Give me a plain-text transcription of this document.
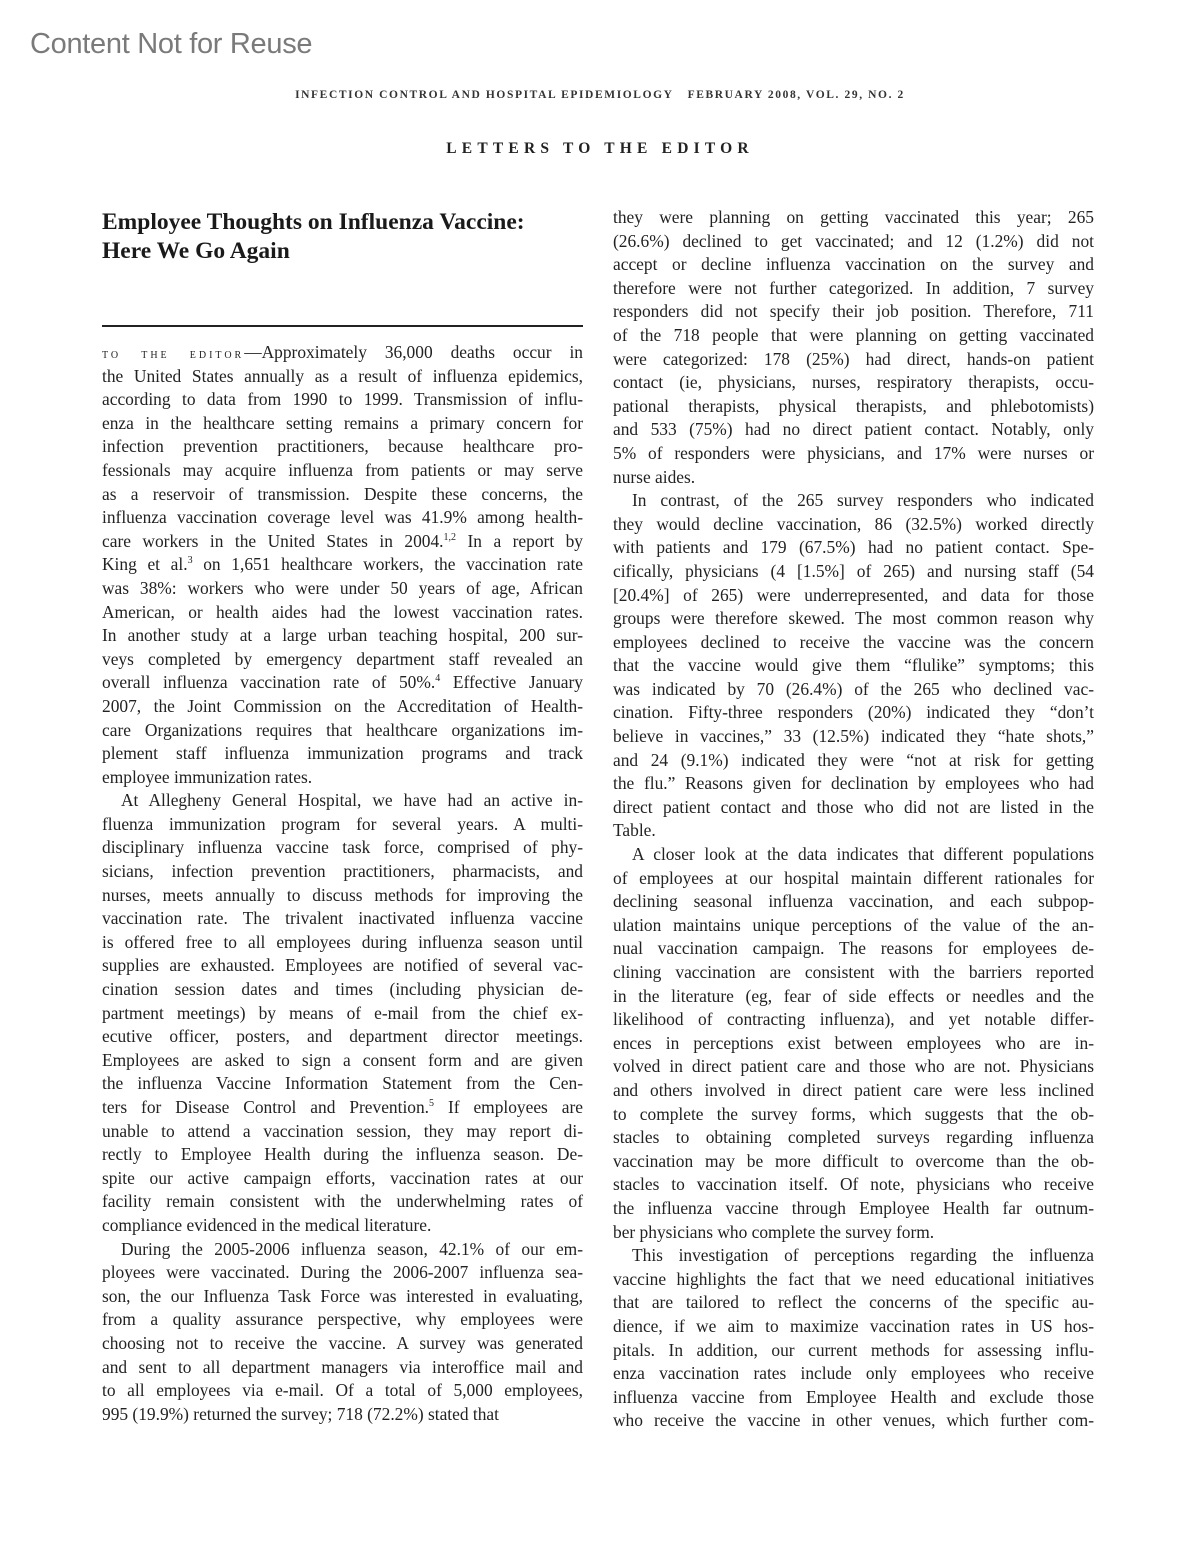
Content Not for Reuse
INFECTION CONTROL AND HOSPITAL EPIDEMIOLOGY FEBRUARY 2008, VOL. 29, NO. 2
LETTERS TO THE EDITOR
Employee Thoughts on Influenza Vaccine:
Here We Go Again
to the editor—Approximately 36,000 deaths occur in
the United States annually as a result of influenza epidemics,
according to data from 1990 to 1999. Transmission of influ-
enza in the healthcare setting remains a primary concern for
infection prevention practitioners, because healthcare pro-
fessionals may acquire influenza from patients or may serve
as a reservoir of transmission. Despite these concerns, the
influenza vaccination coverage level was 41.9% among health-
care workers in the United States in 2004.$^{1,2}$ In a report by
King et al.$^3$ on 1,651 healthcare workers, the vaccination rate
was 38%: workers who were under 50 years of age, African
American, or health aides had the lowest vaccination rates.
In another study at a large urban teaching hospital, 200 sur-
veys completed by emergency department staff revealed an
overall influenza vaccination rate of 50%.$^4$ Effective January
2007, the Joint Commission on the Accreditation of Health-
care Organizations requires that healthcare organizations im-
plement staff influenza immunization programs and track
employee immunization rates.
At Allegheny General Hospital, we have had an active in-
fluenza immunization program for several years. A multi-
disciplinary influenza vaccine task force, comprised of phy-
sicians, infection prevention practitioners, pharmacists, and
nurses, meets annually to discuss methods for improving the
vaccination rate. The trivalent inactivated influenza vaccine
is offered free to all employees during influenza season until
supplies are exhausted. Employees are notified of several vac-
cination session dates and times (including physician de-
partment meetings) by means of e-mail from the chief ex-
ecutive officer, posters, and department director meetings.
Employees are asked to sign a consent form and are given
the influenza Vaccine Information Statement from the Cen-
ters for Disease Control and Prevention.$^5$ If employees are
unable to attend a vaccination session, they may report di-
rectly to Employee Health during the influenza season. De-
spite our active campaign efforts, vaccination rates at our
facility remain consistent with the underwhelming rates of
compliance evidenced in the medical literature.
During the 2005-2006 influenza season, 42.1% of our em-
ployees were vaccinated. During the 2006-2007 influenza sea-
son, the our Influenza Task Force was interested in evaluating,
from a quality assurance perspective, why employees were
choosing not to receive the vaccine. A survey was generated
and sent to all department managers via interoffice mail and
to all employees via e-mail. Of a total of 5,000 employees,
995 (19.9%) returned the survey; 718 (72.2%) stated that
they were planning on getting vaccinated this year; 265
(26.6%) declined to get vaccinated; and 12 (1.2%) did not
accept or decline influenza vaccination on the survey and
therefore were not further categorized. In addition, 7 survey
responders did not specify their job position. Therefore, 711
of the 718 people that were planning on getting vaccinated
were categorized: 178 (25%) had direct, hands-on patient
contact (ie, physicians, nurses, respiratory therapists, occu-
pational therapists, physical therapists, and phlebotomists)
and 533 (75%) had no direct patient contact. Notably, only
5% of responders were physicians, and 17% were nurses or
nurse aides.
In contrast, of the 265 survey responders who indicated
they would decline vaccination, 86 (32.5%) worked directly
with patients and 179 (67.5%) had no patient contact. Spe-
cifically, physicians (4 [1.5%] of 265) and nursing staff (54
[20.4%] of 265) were underrepresented, and data for those
groups were therefore skewed. The most common reason why
employees declined to receive the vaccine was the concern
that the vaccine would give them “flulike” symptoms; this
was indicated by 70 (26.4%) of the 265 who declined vac-
cination. Fifty-three responders (20%) indicated they “don’t
believe in vaccines,” 33 (12.5%) indicated they “hate shots,”
and 24 (9.1%) indicated they were “not at risk for getting
the flu.” Reasons given for declination by employees who had
direct patient contact and those who did not are listed in the
Table.
A closer look at the data indicates that different populations
of employees at our hospital maintain different rationales for
declining seasonal influenza vaccination, and each subpop-
ulation maintains unique perceptions of the value of the an-
nual vaccination campaign. The reasons for employees de-
clining vaccination are consistent with the barriers reported
in the literature (eg, fear of side effects or needles and the
likelihood of contracting influenza), and yet notable differ-
ences in perceptions exist between employees who are in-
volved in direct patient care and those who are not. Physicians
and others involved in direct patient care were less inclined
to complete the survey forms, which suggests that the ob-
stacles to obtaining completed surveys regarding influenza
vaccination may be more difficult to overcome than the ob-
stacles to vaccination itself. Of note, physicians who receive
the influenza vaccine through Employee Health far outnum-
ber physicians who complete the survey form.
This investigation of perceptions regarding the influenza
vaccine highlights the fact that we need educational initiatives
that are tailored to reflect the concerns of the specific au-
dience, if we aim to maximize vaccination rates in US hos-
pitals. In addition, our current methods for assessing influ-
enza vaccination rates include only employees who receive
influenza vaccine from Employee Health and exclude those
who receive the vaccine in other venues, which further com-
